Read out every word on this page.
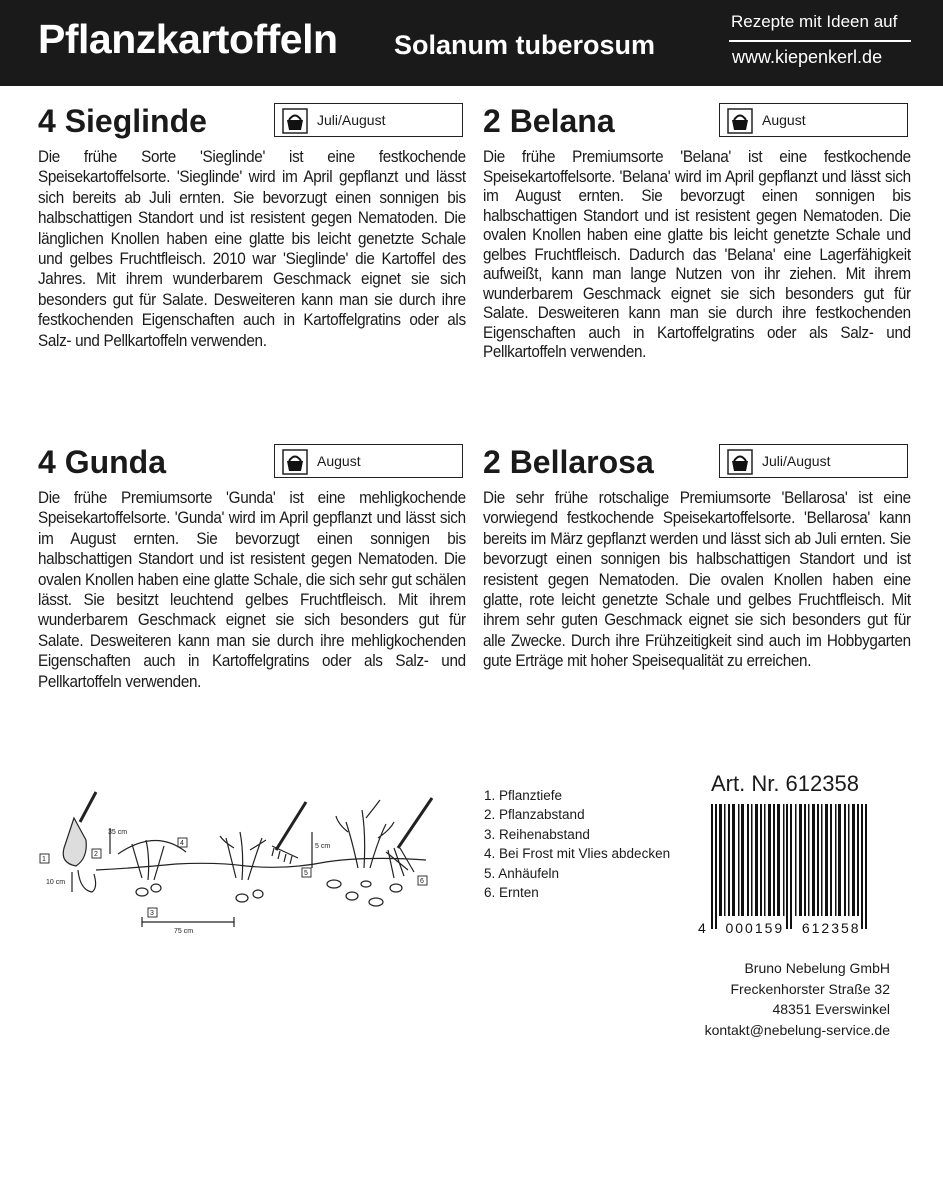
Pflanzkartoffeln Solanum tuberosum
Rezepte mit Ideen auf
www.kiepenkerl.de
4 Sieglinde	Juli/August

Die frühe Sorte 'Sieglinde' ist eine festkochende Speisekartoffelsorte. 'Sieglinde' wird im April gepflanzt und lässt sich bereits ab Juli ernten. Sie bevorzugt einen sonnigen bis halbschattigen Standort und ist resistent gegen Nematoden. Die länglichen Knollen haben eine glatte bis leicht genetzte Schale und gelbes Fruchtfleisch. 2010 war 'Sieglinde' die Kartoffel des Jahres. Mit ihrem wunderbarem Geschmack eignet sie sich besonders gut für Salate. Desweiteren kann man sie durch ihre festkochenden Eigenschaften auch in Kartoffelgratins oder als Salz- und Pellkartoffeln verwenden.

2 Belana	August

Die frühe Premiumsorte 'Belana' ist eine festkochende Speisekartoffelsorte. 'Belana' wird im April gepflanzt und lässt sich im August ernten. Sie bevorzugt einen sonnigen bis halbschattigen Standort und ist resistent gegen Nematoden. Die ovalen Knollen haben eine glatte bis leicht genetzte Schale und gelbes Fruchtfleisch. Dadurch das 'Belana' eine Lagerfähigkeit aufweißt, kann man lange Nutzen von ihr ziehen. Mit ihrem wunderbarem Geschmack eignet sie sich besonders gut für Salate. Desweiteren kann man sie durch ihre festkochenden Eigenschaften auch in Kartoffelgratins oder als Salz- und Pellkartoffeln verwenden.

4 Gunda	August

Die frühe Premiumsorte 'Gunda' ist eine mehligkochende Speisekartoffelsorte. 'Gunda' wird im April gepflanzt und lässt sich im August ernten. Sie bevorzugt einen sonnigen bis halbschattigen Standort und ist resistent gegen Nematoden. Die ovalen Knollen haben eine glatte Schale, die sich sehr gut schälen lässt. Sie besitzt leuchtend gelbes Fruchtfleisch. Mit ihrem wunderbarem Geschmack eignet sie sich besonders gut für Salate. Desweiteren kann man sie durch ihre mehligkochenden Eigenschaften auch in Kartoffelgratins oder als Salz- und Pellkartoffeln verwenden.

2 Bellarosa	Juli/August

Die sehr frühe rotschalige Premiumsorte 'Bellarosa' ist eine vorwiegend festkochende Speisekartoffelsorte. 'Bellarosa' kann bereits im März gepflanzt werden und lässt sich ab Juli ernten. Sie bevorzugt einen sonnigen bis halbschattigen Standort und ist resistent gegen Nematoden. Die ovalen Knollen haben eine glatte, rote leicht genetzte Schale und gelbes Fruchtfleisch. Mit ihrem sehr guten Geschmack eignet sie sich besonders gut für alle Zwecke. Durch ihre Frühzeitigkeit sind auch im Hobbygarten gute Erträge mit hoher Speisequalität zu erreichen.

1
2
3
4
5
6
10 cm
35 cm
75 cm
5 cm
1. Pflanztiefe
2. Pflanzabstand
3. Reihenabstand
4. Bei Frost mit Vlies abdecken
5. Anhäufeln
6. Ernten
Art. Nr. 612358
4   000159   612358
Bruno Nebelung GmbH
Freckenhorster Straße 32
48351 Everswinkel
kontakt@nebelung-service.de
